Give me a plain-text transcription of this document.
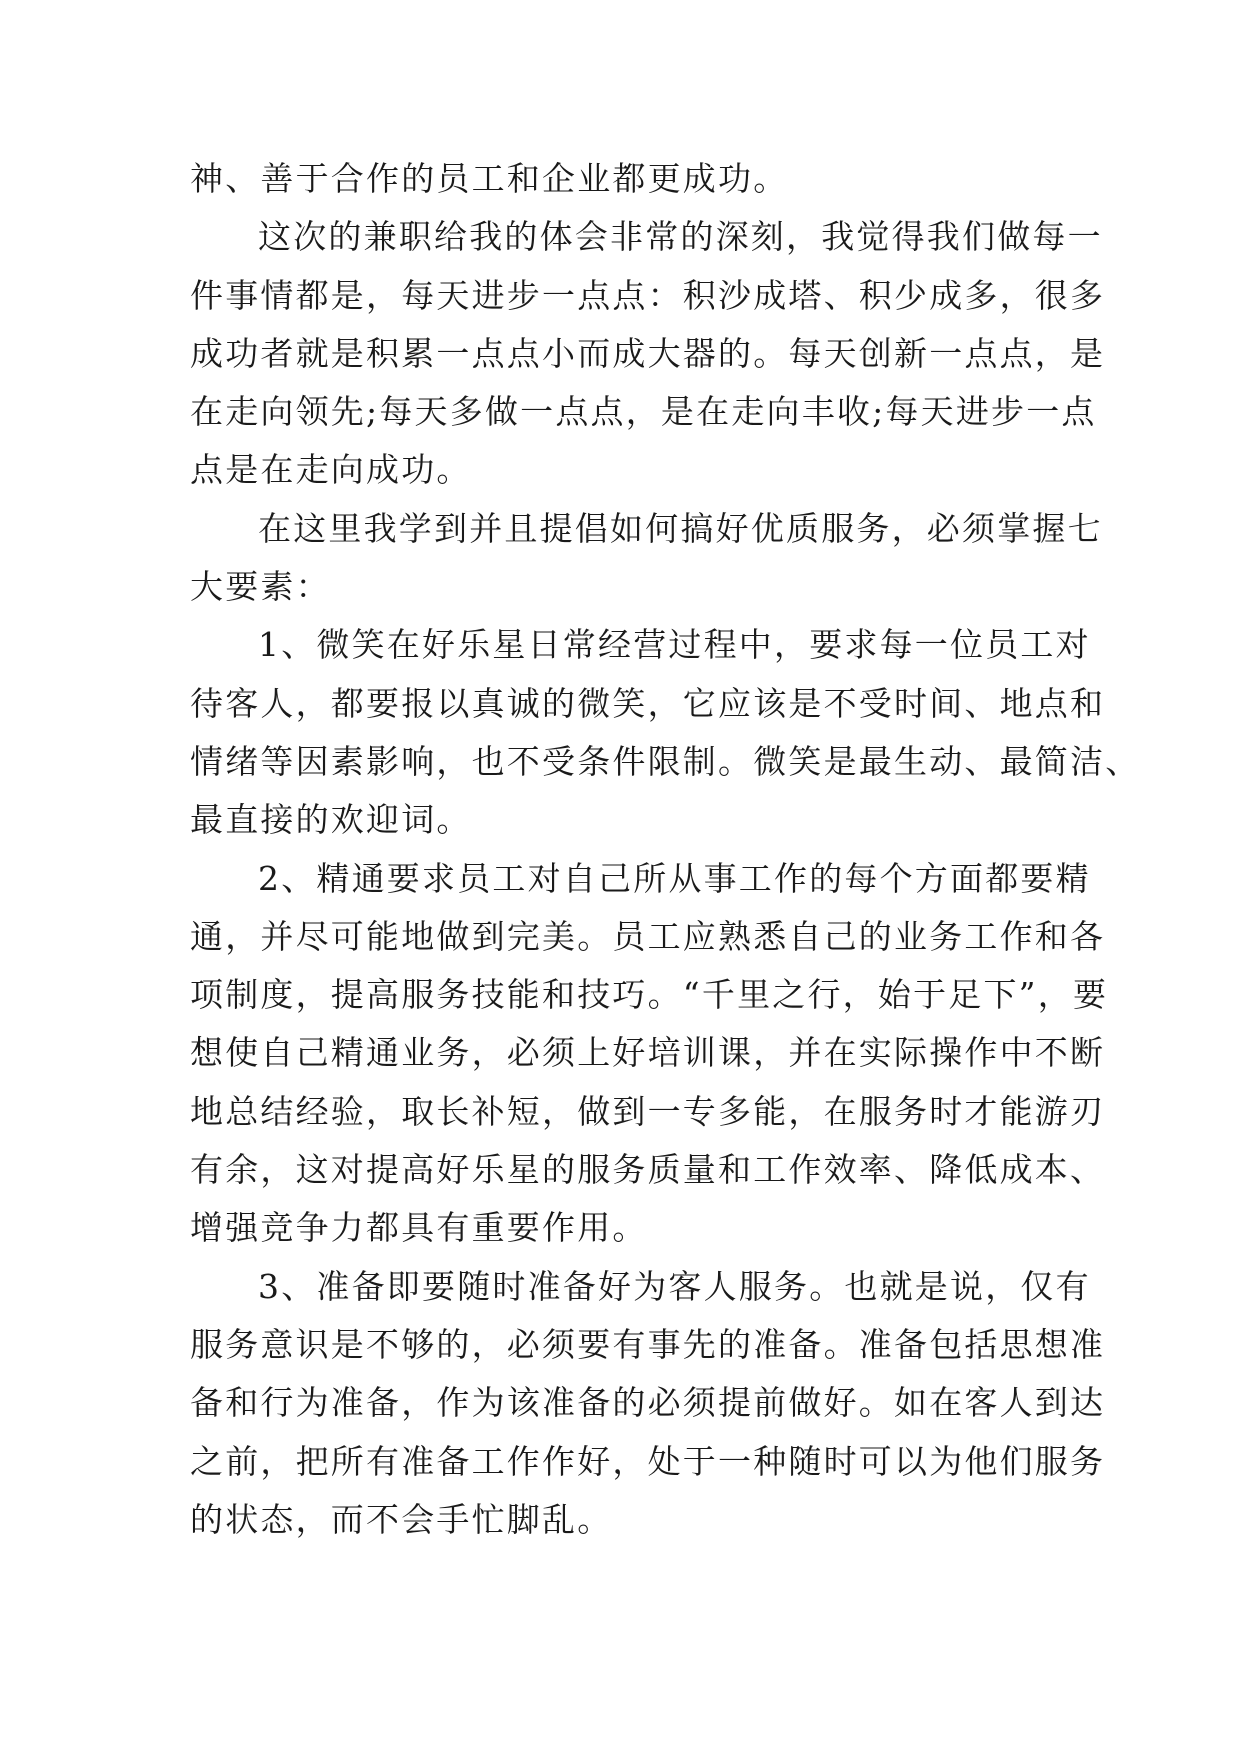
神、善于合作的员工和企业都更成功。
这次的兼职给我的体会非常的深刻，我觉得我们做每一
件事情都是，每天进步一点点：积沙成塔、积少成多，很多
成功者就是积累一点点小而成大器的。每天创新一点点，是
在走向领先;每天多做一点点，是在走向丰收;每天进步一点
点是在走向成功。
在这里我学到并且提倡如何搞好优质服务，必须掌握七
大要素：
1、微笑在好乐星日常经营过程中，要求每一位员工对
待客人，都要报以真诚的微笑，它应该是不受时间、地点和
情绪等因素影响，也不受条件限制。微笑是最生动、最简洁、
最直接的欢迎词。
2、精通要求员工对自己所从事工作的每个方面都要精
通，并尽可能地做到完美。员工应熟悉自己的业务工作和各
项制度，提高服务技能和技巧。“千里之行，始于足下”，要
想使自己精通业务，必须上好培训课，并在实际操作中不断
地总结经验，取长补短，做到一专多能，在服务时才能游刃
有余，这对提高好乐星的服务质量和工作效率、降低成本、
增强竞争力都具有重要作用。
3、准备即要随时准备好为客人服务。也就是说，仅有
服务意识是不够的，必须要有事先的准备。准备包括思想准
备和行为准备，作为该准备的必须提前做好。如在客人到达
之前，把所有准备工作作好，处于一种随时可以为他们服务
的状态，而不会手忙脚乱。
